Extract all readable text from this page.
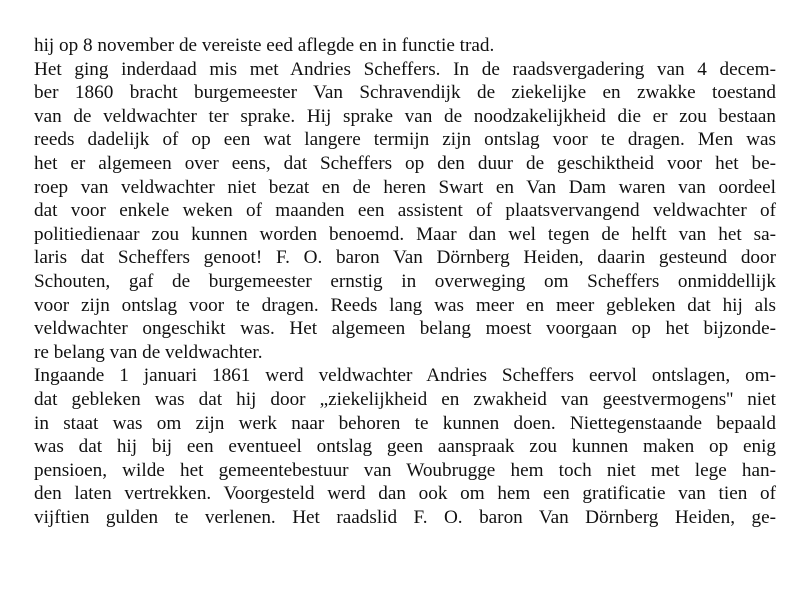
hij op 8 november de vereiste eed aflegde en in functie trad.
Het ging inderdaad mis met Andries Scheffers. In de raadsvergadering van 4 decem-
ber 1860 bracht burgemeester Van Schravendijk de ziekelijke en zwakke toestand
van de veldwachter ter sprake. Hij sprake van de noodzakelijkheid die er zou bestaan
reeds dadelijk of op een wat langere termijn zijn ontslag voor te dragen. Men was
het er algemeen over eens, dat Scheffers op den duur de geschiktheid voor het be-
roep van veldwachter niet bezat en de heren Swart en Van Dam waren van oordeel
dat voor enkele weken of maanden een assistent of plaatsvervangend veldwachter of
politiedienaar zou kunnen worden benoemd. Maar dan wel tegen de helft van het sa-
laris dat Scheffers genoot! F. O. baron Van Dörnberg Heiden, daarin gesteund door
Schouten, gaf de burgemeester ernstig in overweging om Scheffers onmiddellijk
voor zijn ontslag voor te dragen. Reeds lang was meer en meer gebleken dat hij als
veldwachter ongeschikt was. Het algemeen belang moest voorgaan op het bijzonde-
re belang van de veldwachter.
Ingaande 1 januari 1861 werd veldwachter Andries Scheffers eervol ontslagen, om-
dat gebleken was dat hij door „ziekelijkheid en zwakheid van geestvermogens'' niet
in staat was om zijn werk naar behoren te kunnen doen. Niettegenstaande bepaald
was dat hij bij een eventueel ontslag geen aanspraak zou kunnen maken op enig
pensioen, wilde het gemeentebestuur van Woubrugge hem toch niet met lege han-
den laten vertrekken. Voorgesteld werd dan ook om hem een gratificatie van tien of
vijftien gulden te verlenen. Het raadslid F. O. baron Van Dörnberg Heiden, ge-
